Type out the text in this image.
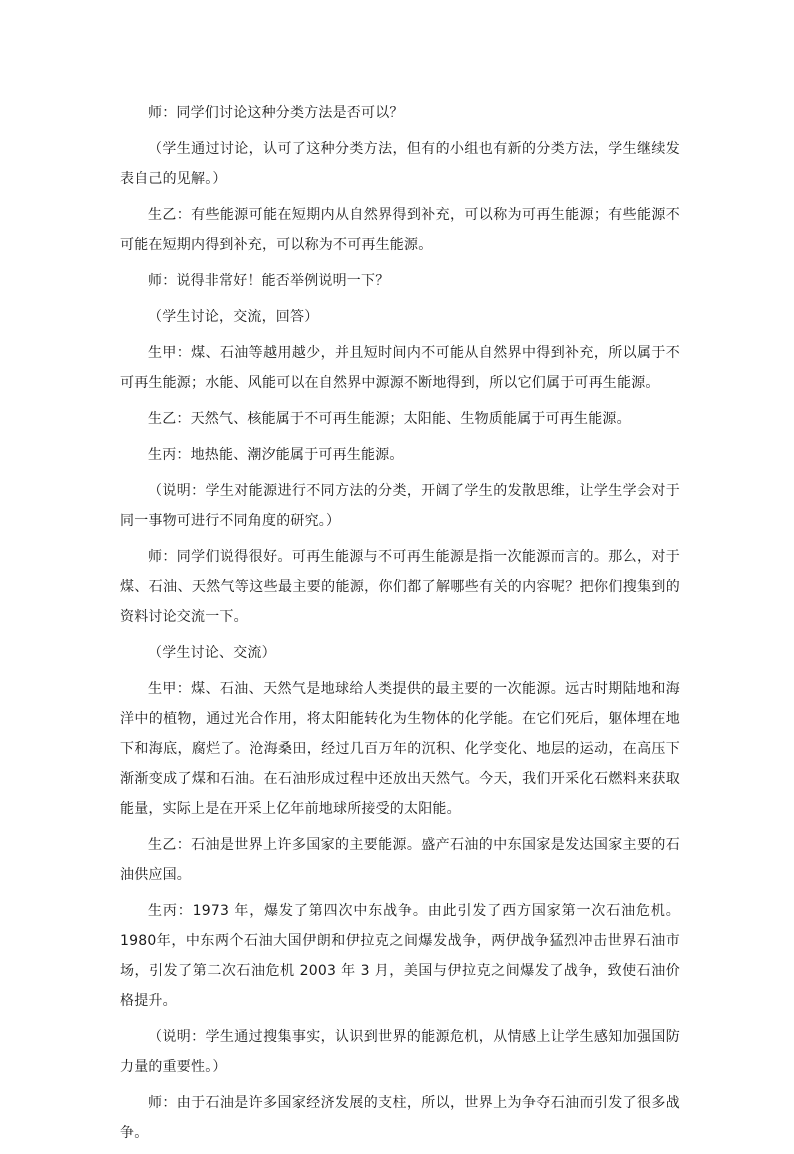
师：同学们讨论这种分类方法是否可以？

（学生通过讨论，认可了这种分类方法，但有的小组也有新的分类方法，学生继续发表自己的见解。）

生乙：有些能源可能在短期内从自然界得到补充，可以称为可再生能源；有些能源不可能在短期内得到补充，可以称为不可再生能源。

师：说得非常好！能否举例说明一下？

（学生讨论，交流，回答）

生甲：煤、石油等越用越少，并且短时间内不可能从自然界中得到补充，所以属于不可再生能源；水能、风能可以在自然界中源源不断地得到，所以它们属于可再生能源。

生乙：天然气、核能属于不可再生能源；太阳能、生物质能属于可再生能源。

生丙：地热能、潮汐能属于可再生能源。

（说明：学生对能源进行不同方法的分类，开阔了学生的发散思维，让学生学会对于同一事物可进行不同角度的研究。）

师：同学们说得很好。可再生能源与不可再生能源是指一次能源而言的。那么，对于煤、石油、天然气等这些最主要的能源，你们都了解哪些有关的内容呢？把你们搜集到的资料讨论交流一下。

（学生讨论、交流）

生甲：煤、石油、天然气是地球给人类提供的最主要的一次能源。远古时期陆地和海洋中的植物，通过光合作用，将太阳能转化为生物体的化学能。在它们死后，躯体埋在地下和海底，腐烂了。沧海桑田，经过几百万年的沉积、化学变化、地层的运动，在高压下渐渐变成了煤和石油。在石油形成过程中还放出天然气。今天，我们开采化石燃料来获取能量，实际上是在开采上亿年前地球所接受的太阳能。

生乙：石油是世界上许多国家的主要能源。盛产石油的中东国家是发达国家主要的石油供应国。

生丙：1973 年，爆发了第四次中东战争。由此引发了西方国家第一次石油危机。1980年，中东两个石油大国伊朗和伊拉克之间爆发战争，两伊战争猛烈冲击世界石油市场，引发了第二次石油危机 2003 年 3 月，美国与伊拉克之间爆发了战争，致使石油价格提升。

（说明：学生通过搜集事实，认识到世界的能源危机，从情感上让学生感知加强国防力量的重要性。）

师：由于石油是许多国家经济发展的支柱，所以，世界上为争夺石油而引发了很多战争。
